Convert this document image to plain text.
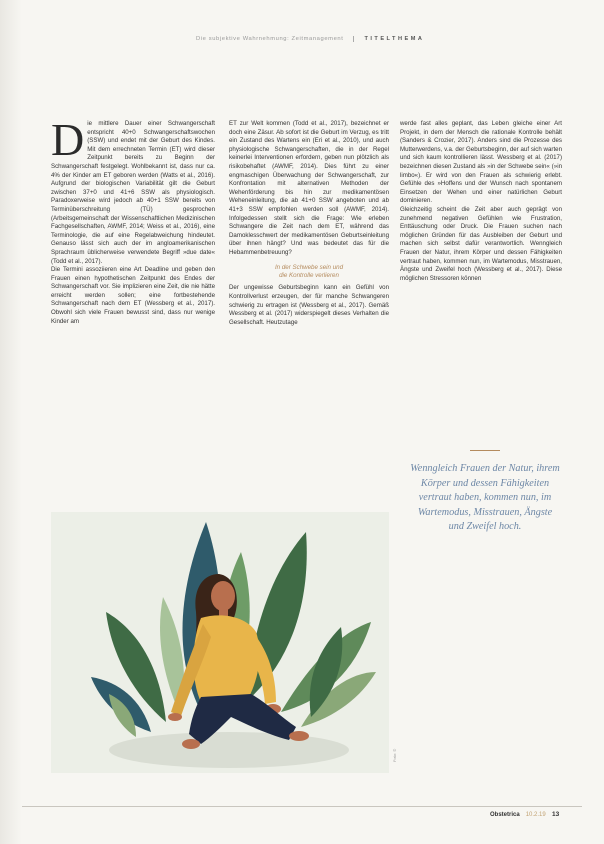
Die subjektive Wahrnehmung: Zeitmanagement	TITELTHEMA
D ie mittlere Dauer einer Schwangerschaft entspricht 40+0 Schwangerschaftswochen (SSW) und endet mit der Geburt des Kindes. Mit dem errechneten Termin (ET) wird dieser Zeitpunkt bereits zu Beginn der Schwangerschaft festgelegt. Wohlbekannt ist, dass nur ca. 4% der Kinder am ET geboren werden (Watts et al., 2016). Aufgrund der biologischen Variabilität gilt die Geburt zwischen 37+0 und 41+6 SSW als physiologisch. Paradoxerweise wird jedoch ab 40+1 SSW bereits von Terminüberschreitung (TÜ) gesprochen (Arbeitsgemeinschaft der Wissenschaftlichen Medizinischen Fachgesellschaften, AWMF, 2014; Weiss et al., 2016), eine Terminologie, die auf eine Regelabweichung hindeutet. Genauso lässt sich auch der im angloamerikanischen Sprachraum üblicherweise verwendete Begriff »due date« (Todd et al., 2017).

Die Termini assoziieren eine Art Deadline und geben den Frauen einen hypothetischen Zeitpunkt des Endes der Schwangerschaft vor. Sie implizieren eine Zeit, die nie hätte erreicht werden sollen; eine fortbestehende Schwangerschaft nach dem ET (Wessberg et al., 2017). Obwohl sich viele Frauen bewusst sind, dass nur wenige Kinder am

ET zur Welt kommen (Todd et al., 2017), bezeichnet er doch eine Zäsur. Ab sofort ist die Geburt im Verzug, es tritt ein Zustand des Wartens ein (Eri et al., 2010), und auch physiologische Schwangerschaften, die in der Regel keinerlei Interventionen erfordern, geben nun plötzlich als risikobehaftet (AWMF, 2014). Dies führt zu einer engmaschigen Überwachung der Schwangerschaft, zur Konfrontation mit alternativen Methoden der Wehenförderung bis hin zur medikamentösen Weheneinleitung, die ab 41+0 SSW angeboten und ab 41+3 SSW empfohlen werden soll (AWMF, 2014). Infolgedessen stellt sich die Frage: Wie erleben Schwangere die Zeit nach dem ET, während das Damoklesschwert der medikamentösen Geburtseinleitung über ihnen hängt? Und was bedeutet das für die Hebammenbetreuung?

In der Schwebe sein und
die Kontrolle verlieren

Der ungewisse Geburtsbeginn kann ein Gefühl von Kontrollverlust erzeugen, der für manche Schwangeren schwierig zu ertragen ist (Wessberg et al., 2017). Gemäß Wessberg et al. (2017) widerspiegelt dieses Verhalten die Gesellschaft. Heutzutage

werde fast alles geplant, das Leben gleiche einer Art Projekt, in dem der Mensch die rationale Kontrolle behält (Sanders & Crozier, 2017). Anders sind die Prozesse des Mutterwerdens, v.a. der Geburtsbeginn, der auf sich warten und sich kaum kontrollieren lässt. Wessberg et al. (2017) bezeichnen diesen Zustand als »in der Schwebe sein« (»in limbo«). Er wird von den Frauen als schwierig erlebt. Gefühle des »Hoffens und der Wunsch nach spontanem Einsetzen der Wehen und einer natürlichen Geburt dominieren.

Gleichzeitig scheint die Zeit aber auch geprägt von zunehmend negativen Gefühlen wie Frustration, Enttäuschung oder Druck. Die Frauen suchen nach möglichen Gründen für das Ausbleiben der Geburt und machen sich selbst dafür verantwortlich. Wenngleich Frauen der Natur, ihrem Körper und dessen Fähigkeiten vertraut haben, kommen nun, im Wartemodus, Misstrauen, Ängste und Zweifel hoch (Wessberg et al., 2017). Diese möglichen Stressoren können

Wenngleich Frauen der Natur, ihrem Körper und dessen Fähigkeiten vertraut haben, kommen nun, im Wartemodus, Misstrauen, Ängste und Zweifel hoch.
Foto: ©
Obstetrica 10.2.19 13
